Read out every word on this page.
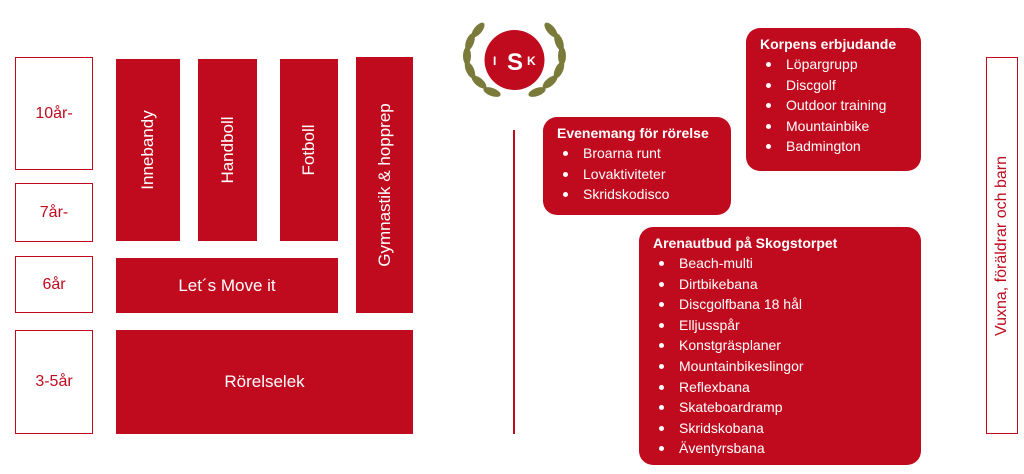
10år-
7år-
6år
3-5år
Innebandy	Handboll	Fotboll	Gymnastik & hopprep
Let´s Move it
Rörelselek
I S K
Evenemang för rörelse
Broarna runt
Lovaktiviteter
Skridskodisco
Korpens erbjudande
Löpargrupp
Discgolf
Outdoor training
Mountainbike
Badmington
Arenautbud på Skogstorpet
Beach-multi
Dirtbikebana
Discgolfbana 18 hål
Elljusspår
Konstgräsplaner
Mountainbikeslingor
Reflexbana
Skateboardramp
Skridskobana
Äventyrsbana
Vuxna, föräldrar och barn
